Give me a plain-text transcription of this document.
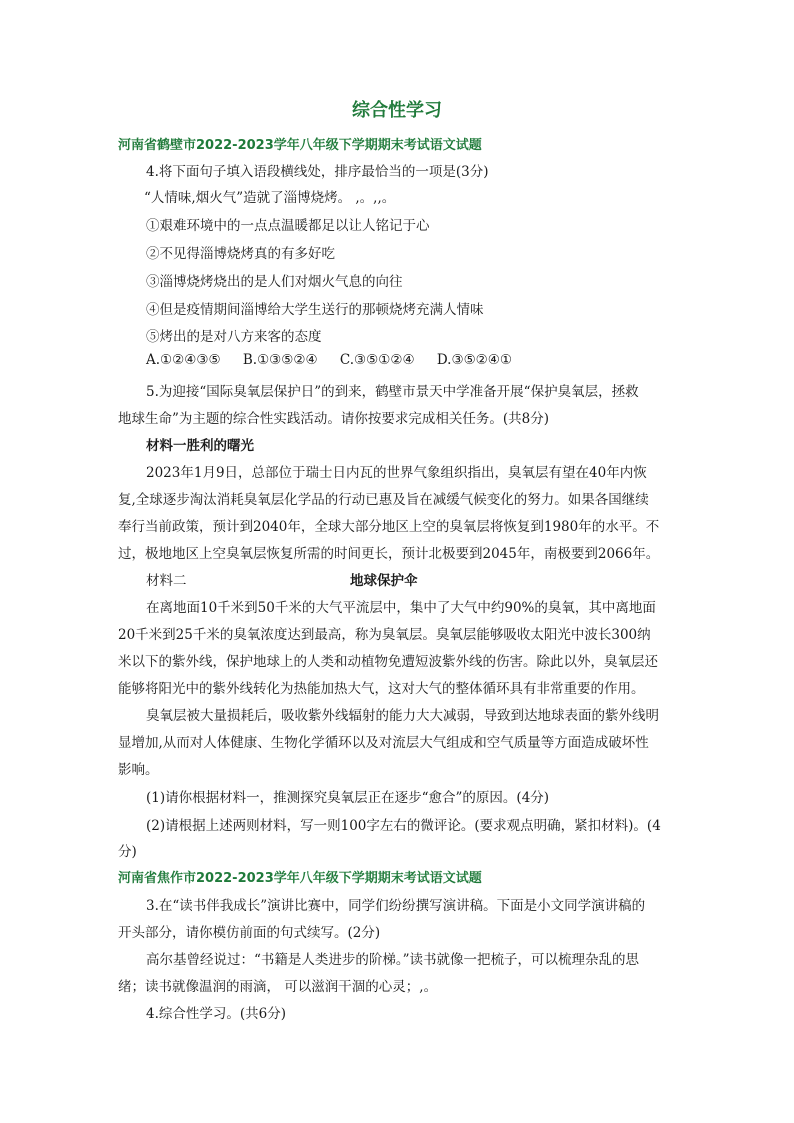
综合性学习
河南省鹤壁市2022-2023学年八年级下学期期末考试语文试题
4.将下面句子填入语段横线处，排序最恰当的一项是(3分)
“人情味,烟火气”造就了淄博烧烤。 ,。,,。
①艰难环境中的一点点温暖都足以让人铭记于心
②不见得淄博烧烤真的有多好吃
③淄博烧烤烧出的是人们对烟火气息的向往
④但是疫情期间淄博给大学生送行的那顿烧烤充满人情味
⑤烤出的是对八方来客的态度
A.①②④③⑤ B.①③⑤②④ C.③⑤①②④ D.③⑤②④①
5.为迎接“国际臭氧层保护日”的到来，鹤壁市景天中学准备开展“保护臭氧层，拯救
地球生命”为主题的综合性实践活动。请你按要求完成相关任务。(共8分)
材料一胜利的曙光
2023年1月9日，总部位于瑞士日内瓦的世界气象组织指出，臭氧层有望在40年内恢
复,全球逐步淘汰消耗臭氧层化学品的行动已惠及旨在减缓气候变化的努力。如果各国继续
奉行当前政策，预计到2040年，全球大部分地区上空的臭氧层将恢复到1980年的水平。不
过，极地地区上空臭氧层恢复所需的时间更长，预计北极要到2045年，南极要到2066年。
材料二	地球保护伞
在离地面10千米到50千米的大气平流层中，集中了大气中约90%的臭氧，其中离地面
20千米到25千米的臭氧浓度达到最高，称为臭氧层。臭氧层能够吸收太阳光中波长300纳
米以下的紫外线，保护地球上的人类和动植物免遭短波紫外线的伤害。除此以外，臭氧层还
能够将阳光中的紫外线转化为热能加热大气，这对大气的整体循环具有非常重要的作用。
臭氧层被大量损耗后，吸收紫外线辐射的能力大大减弱，导致到达地球表面的紫外线明
显增加,从而对人体健康、生物化学循环以及对流层大气组成和空气质量等方面造成破坏性
影响。
(1)请你根据材料一，推测探究臭氧层正在逐步“愈合”的原因。(4分)
(2)请根据上述两则材料，写一则100字左右的微评论。(要求观点明确，紧扣材料)。(4
分)
河南省焦作市2022-2023学年八年级下学期期末考试语文试题
3.在“读书伴我成长”演讲比赛中，同学们纷纷撰写演讲稿。下面是小文同学演讲稿的
开头部分，请你模仿前面的句式续写。(2分)
高尔基曾经说过：“书籍是人类进步的阶梯。”读书就像一把梳子，可以梳理杂乱的思
绪；读书就像温润的雨滴， 可以滋润干涸的心灵；,。
4.综合性学习。(共6分)
